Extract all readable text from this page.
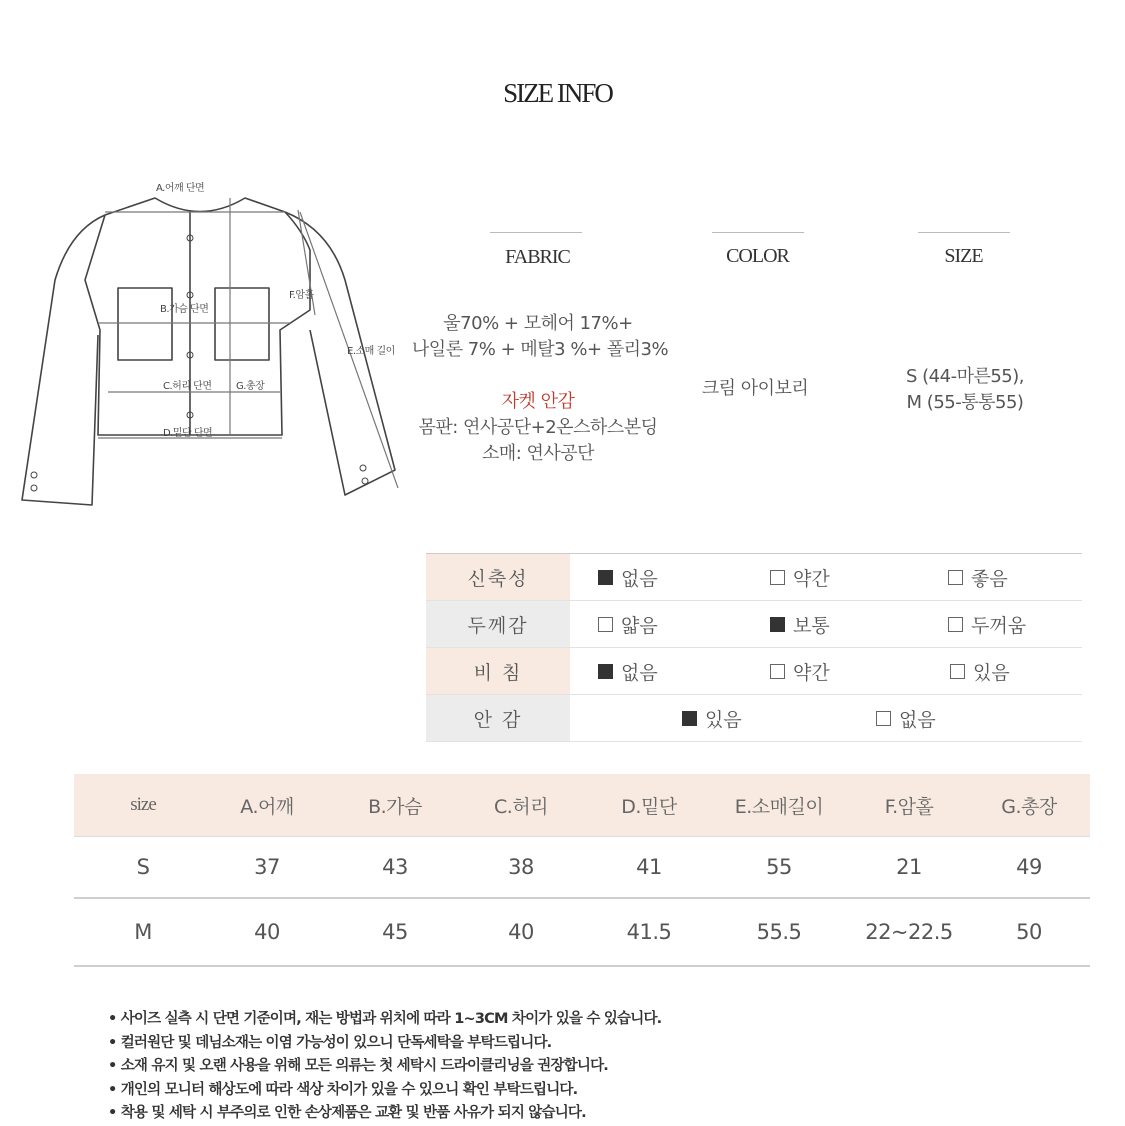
SIZE INFO
A.어깨 단면
B.가슴 단면
C.허리 단면
D.밑단 단면
E.소매 길이
F.암홀
G.총장
FABRIC	COLOR	SIZE
울70% + 모헤어 17%+
나일론 7% + 메탈3 %+ 폴리3%
자켓 안감
몸판: 연사공단+2온스하스본딩
소매: 연사공단
크림 아이보리
S (44-마른55),
M (55-통통55)
신축성	없음	약간	좋음
두께감	얇음	보통	두꺼움
비 침	없음	약간	있음
안 감	있음	없음
size	A.어깨	B.가슴	C.허리	D.밑단	E.소매길이	F.암홀	G.총장
S	37	43	38	41	55	21	49
M	40	45	40	41.5	55.5	22~22.5	50
• 사이즈 실측 시 단면 기준이며, 재는 방법과 위치에 따라 1~3CM 차이가 있을 수 있습니다.
• 컬러원단 및 데님소재는 이염 가능성이 있으니 단독세탁을 부탁드립니다.
• 소재 유지 및 오랜 사용을 위해 모든 의류는 첫 세탁시 드라이클리닝을 권장합니다.
• 개인의 모니터 해상도에 따라 색상 차이가 있을 수 있으니 확인 부탁드립니다.
• 착용 및 세탁 시 부주의로 인한 손상제품은 교환 및 반품 사유가 되지 않습니다.
